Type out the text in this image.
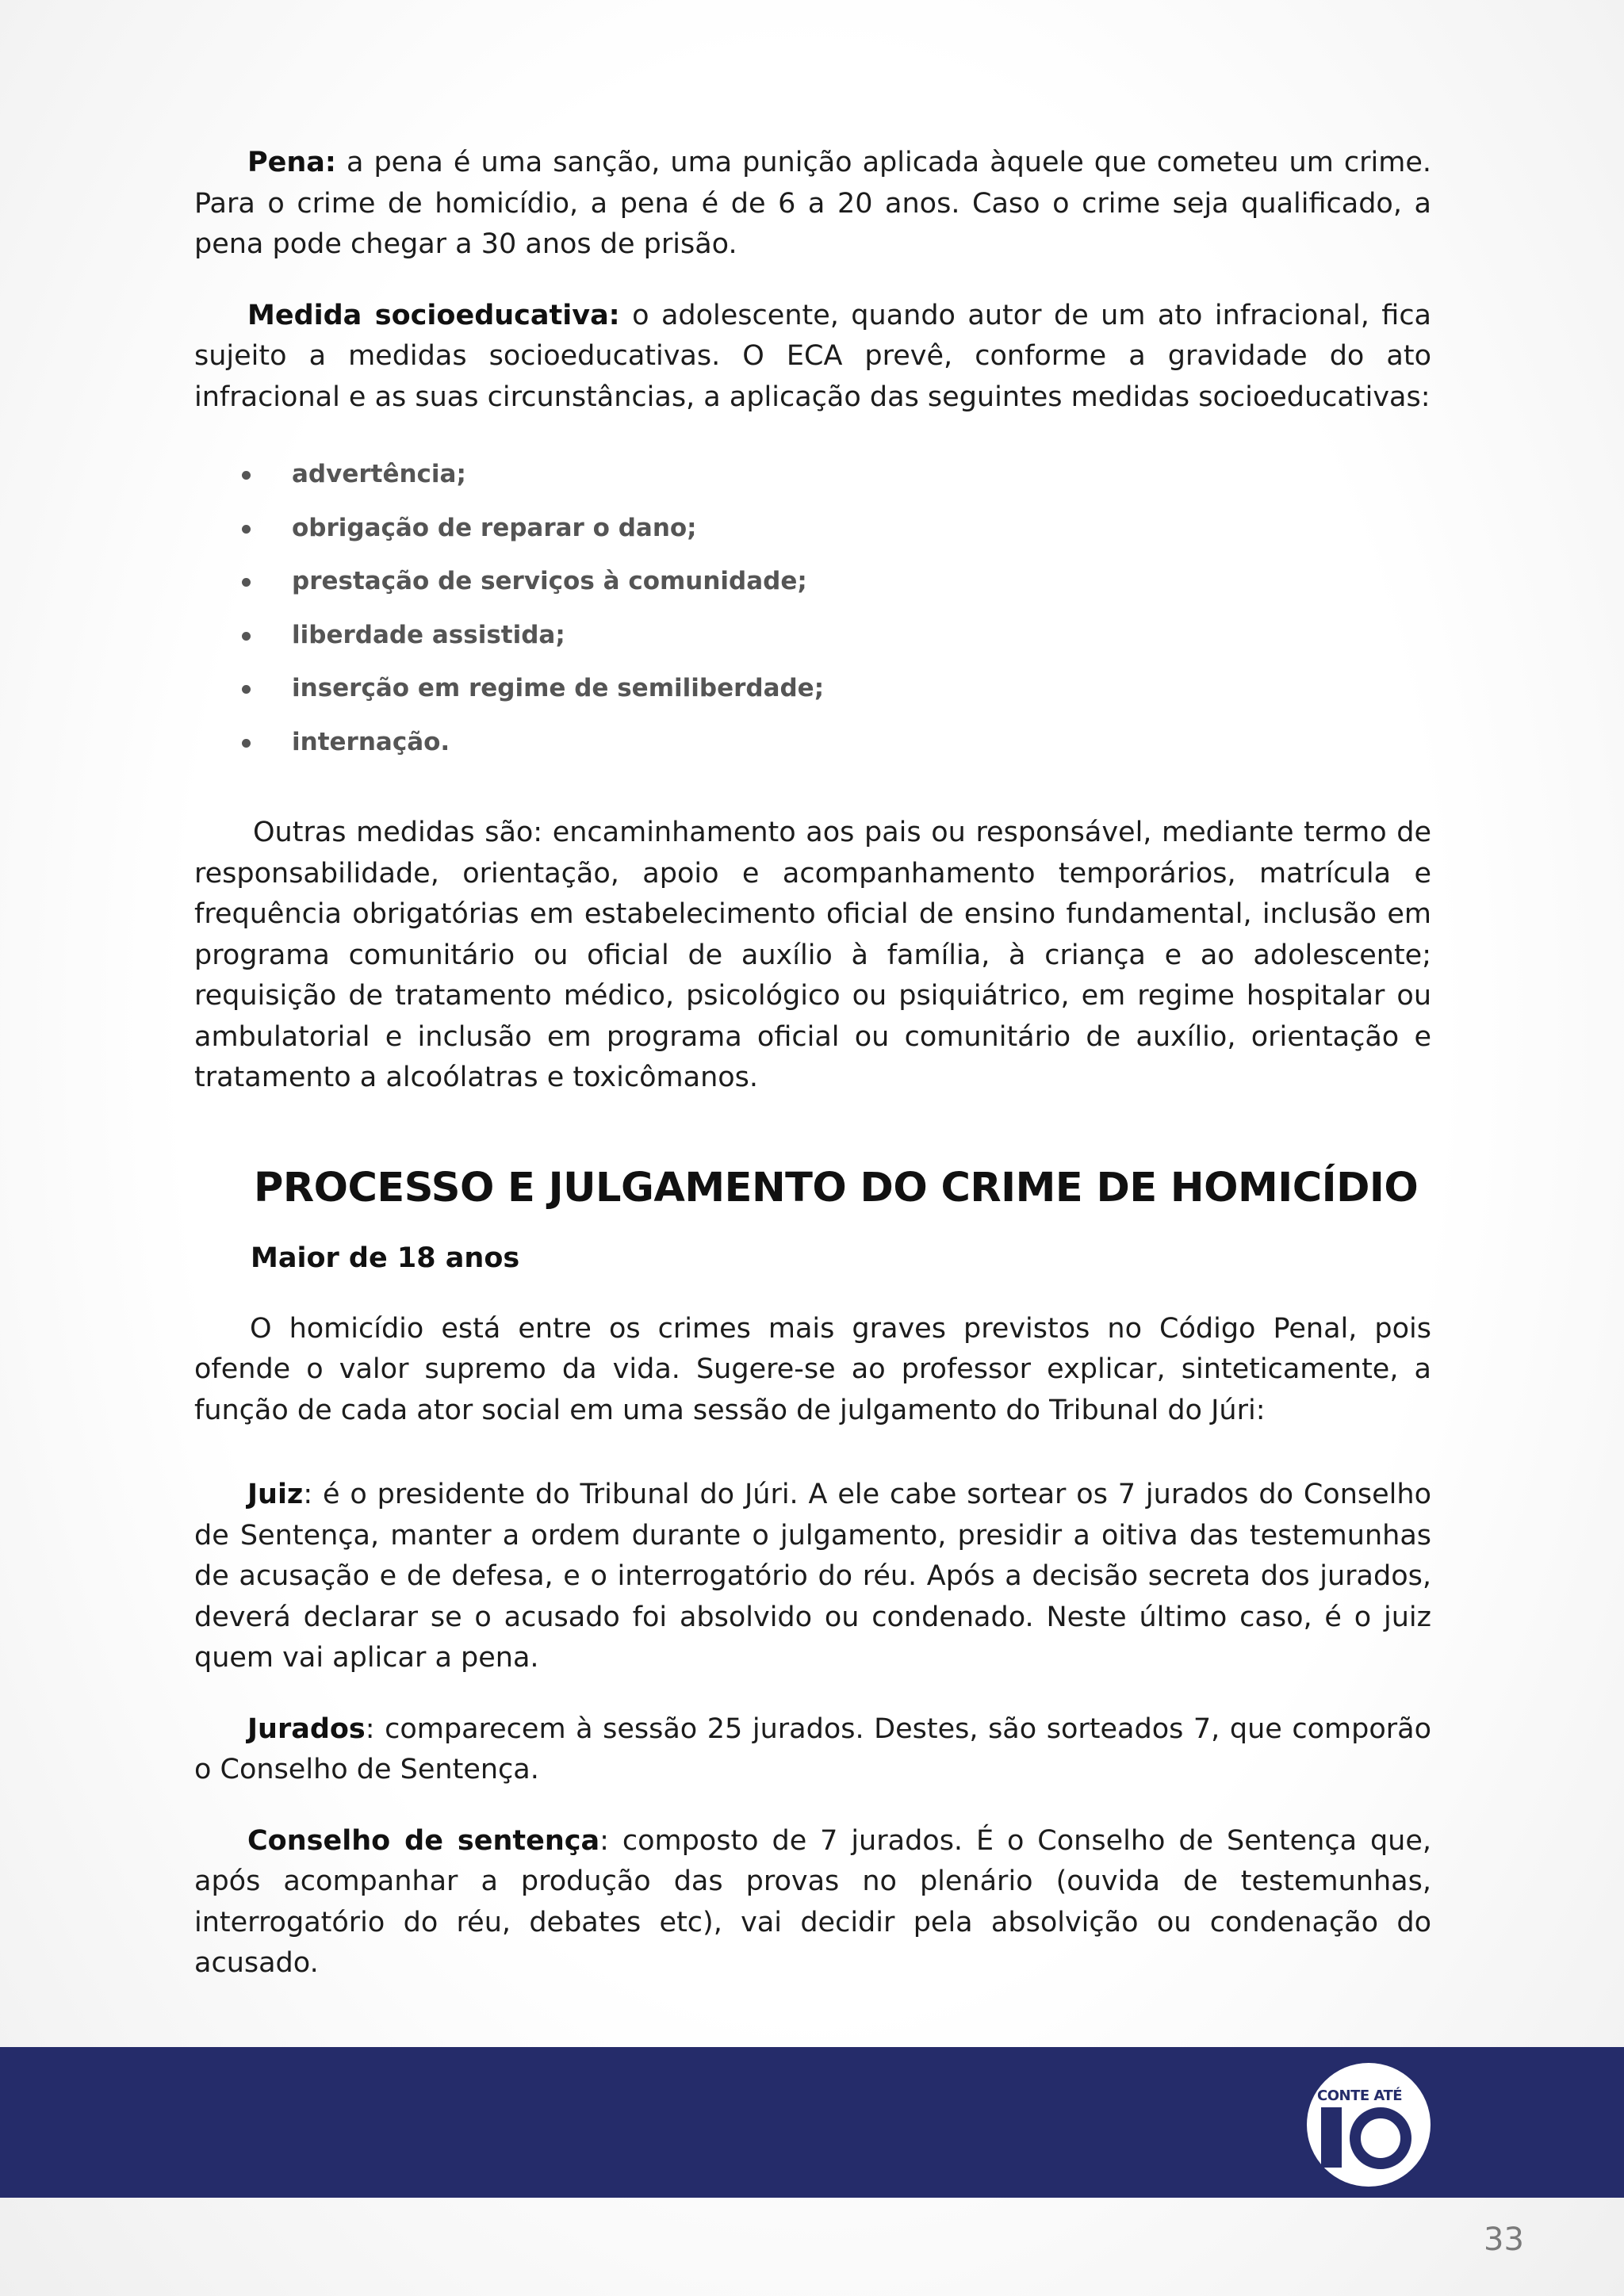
Pena: a pena é uma sanção, uma punição aplicada àquele que cometeu um crime. Para o crime de homicídio, a pena é de 6 a 20 anos. Caso o crime seja qualificado, a pena pode chegar a 30 anos de prisão.

Medida socioeducativa: o adolescente, quando autor de um ato infracional, fica sujeito a medidas socioeducativas. O ECA prevê, conforme a gravidade do ato infracional e as suas circunstâncias, a aplicação das seguintes medidas socioeducativas:

advertência;
obrigação de reparar o dano;
prestação de serviços à comunidade;
liberdade assistida;
inserção em regime de semiliberdade;
internação.

Outras medidas são: encaminhamento aos pais ou responsável, mediante termo de responsabilidade, orientação, apoio e acompanhamento temporários, matrícula e frequência obrigatórias em estabelecimento oficial de ensino fundamental, inclusão em programa comunitário ou oficial de auxílio à família, à criança e ao adolescente; requisição de tratamento médico, psicológico ou psiquiátrico, em regime hospitalar ou ambulatorial e inclusão em programa oficial ou comunitário de auxílio, orientação e tratamento a alcoólatras e toxicômanos.

PROCESSO E JULGAMENTO DO CRIME DE HOMICÍDIO
Maior de 18 anos

O homicídio está entre os crimes mais graves previstos no Código Penal, pois ofende o valor supremo da vida. Sugere-se ao professor explicar, sinteticamente, a função de cada ator social em uma sessão de julgamento do Tribunal do Júri:

Juiz: é o presidente do Tribunal do Júri. A ele cabe sortear os 7 jurados do Conselho de Sentença, manter a ordem durante o julgamento, presidir a oitiva das testemunhas de acusação e de defesa, e o interrogatório do réu. Após a decisão secreta dos jurados, deverá declarar se o acusado foi absolvido ou condenado. Neste último caso, é o juiz quem vai aplicar a pena.

Jurados: comparecem à sessão 25 jurados. Destes, são sorteados 7, que comporão o Conselho de Sentença.

Conselho de sentença: composto de 7 jurados. É o Conselho de Sentença que, após acompanhar a produção das provas no plenário (ouvida de testemunhas, interrogatório do réu, debates etc), vai decidir pela absolvição ou condenação do acusado.

CONTE ATÉ
33
